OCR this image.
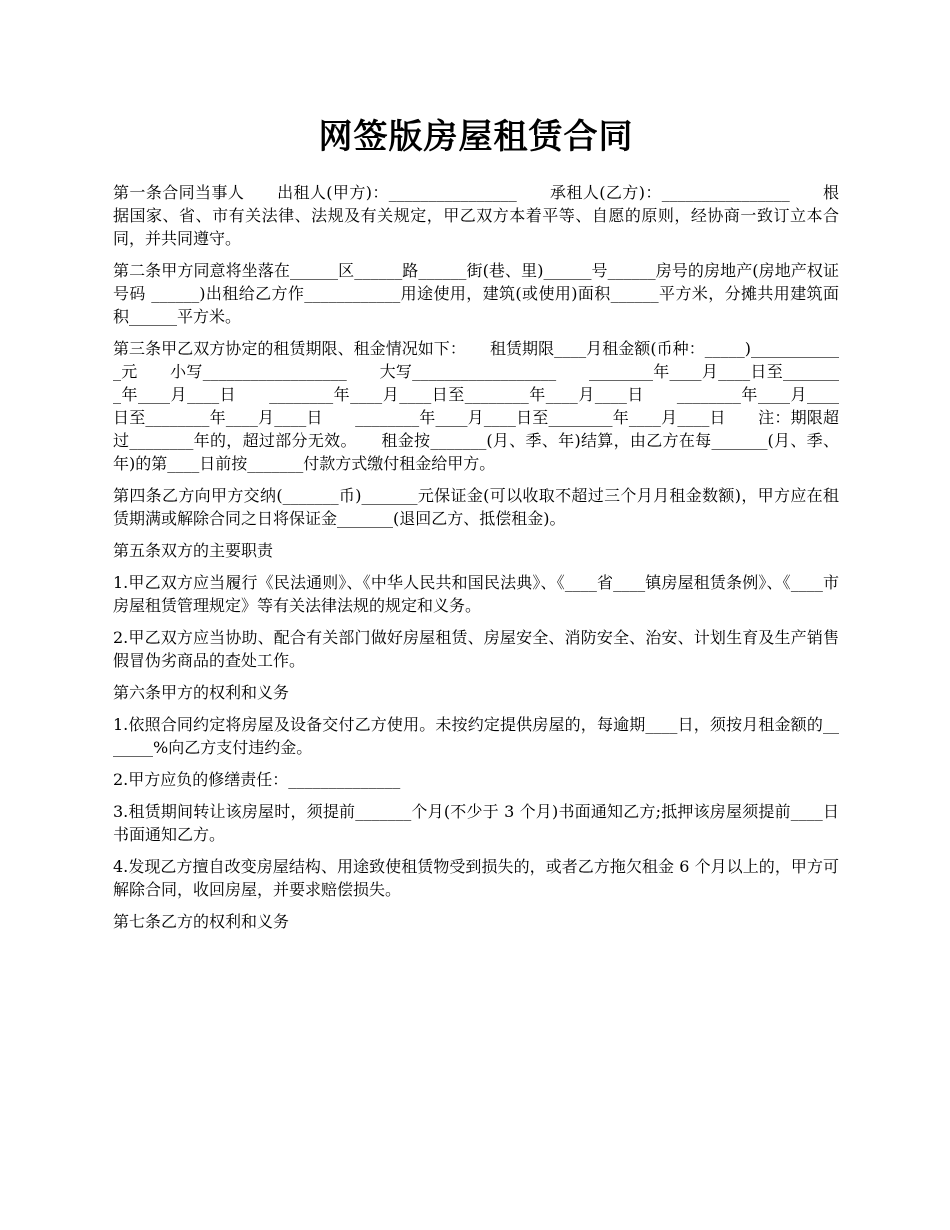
网签版房屋租赁合同

第一条合同当事人　　出租人(甲方)：________________　　承租人(乙方)：________________　　根据国家、省、市有关法律、法规及有关规定，甲乙双方本着平等、自愿的原则，经协商一致订立本合同，并共同遵守。

第二条甲方同意将坐落在______区______路______街(巷、里)______号______房号的房地产(房地产权证号码 ______)出租给乙方作____________用途使用，建筑(或使用)面积______平方米，分摊共用建筑面积______平方米。

第三条甲乙双方协定的租赁期限、租金情况如下：　　租赁期限____月租金额(币种：_____)____________元　　小写__________________　　大写__________________　　________年____月____日至________年____月____日　　________年____月____日至________年____月____日　　________年____月____日至________年____月____日　　________年____月____日至________年____月____日　　注：期限超过________年的，超过部分无效。　　租金按_______(月、季、年)结算，由乙方在每_______(月、季、年)的第____日前按_______付款方式缴付租金给甲方。

第四条乙方向甲方交纳(_______币)_______元保证金(可以收取不超过三个月月租金数额)，甲方应在租赁期满或解除合同之日将保证金_______(退回乙方、抵偿租金)。

第五条双方的主要职责

1.甲乙双方应当履行《民法通则》、《中华人民共和国民法典》、《____省____镇房屋租赁条例》、《____市房屋租赁管理规定》等有关法律法规的规定和义务。

2.甲乙双方应当协助、配合有关部门做好房屋租赁、房屋安全、消防安全、治安、计划生育及生产销售假冒伪劣商品的查处工作。

第六条甲方的权利和义务

1.依照合同约定将房屋及设备交付乙方使用。未按约定提供房屋的，每逾期____日，须按月租金额的_______%向乙方支付违约金。

2.甲方应负的修缮责任：______________

3.租赁期间转让该房屋时，须提前_______个月(不少于 3 个月)书面通知乙方;抵押该房屋须提前____日书面通知乙方。

4.发现乙方擅自改变房屋结构、用途致使租赁物受到损失的，或者乙方拖欠租金 6 个月以上的，甲方可解除合同，收回房屋，并要求赔偿损失。

第七条乙方的权利和义务
